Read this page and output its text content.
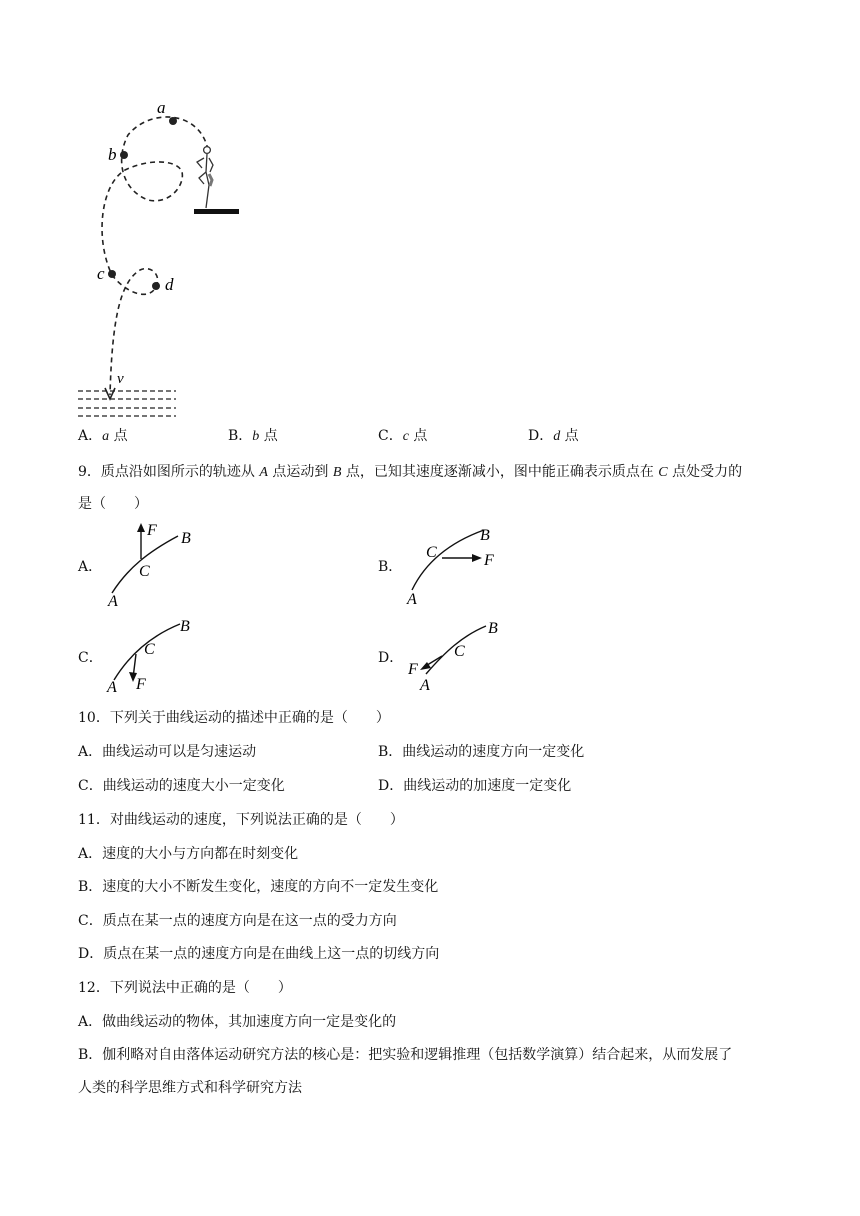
a
b
c
d
v
A．a 点	B．b 点	C．c 点	D．d 点
9．质点沿如图所示的轨迹从 A 点运动到 B 点，已知其速度逐渐减小，图中能正确表示质点在 C 点处受力的
是（　　）
A．
F B
C
A
B．
C
B
F
A
C．
B
C
A F
D．
B
C
F
A
10．下列关于曲线运动的描述中正确的是（　　）
A．曲线运动可以是匀速运动	B．曲线运动的速度方向一定变化
C．曲线运动的速度大小一定变化	D．曲线运动的加速度一定变化
11．对曲线运动的速度，下列说法正确的是（　　）
A．速度的大小与方向都在时刻变化
B．速度的大小不断发生变化，速度的方向不一定发生变化
C．质点在某一点的速度方向是在这一点的受力方向
D．质点在某一点的速度方向是在曲线上这一点的切线方向
12．下列说法中正确的是（　　）
A．做曲线运动的物体，其加速度方向一定是变化的
B．伽利略对自由落体运动研究方法的核心是：把实验和逻辑推理（包括数学演算）结合起来，从而发展了
人类的科学思维方式和科学研究方法
